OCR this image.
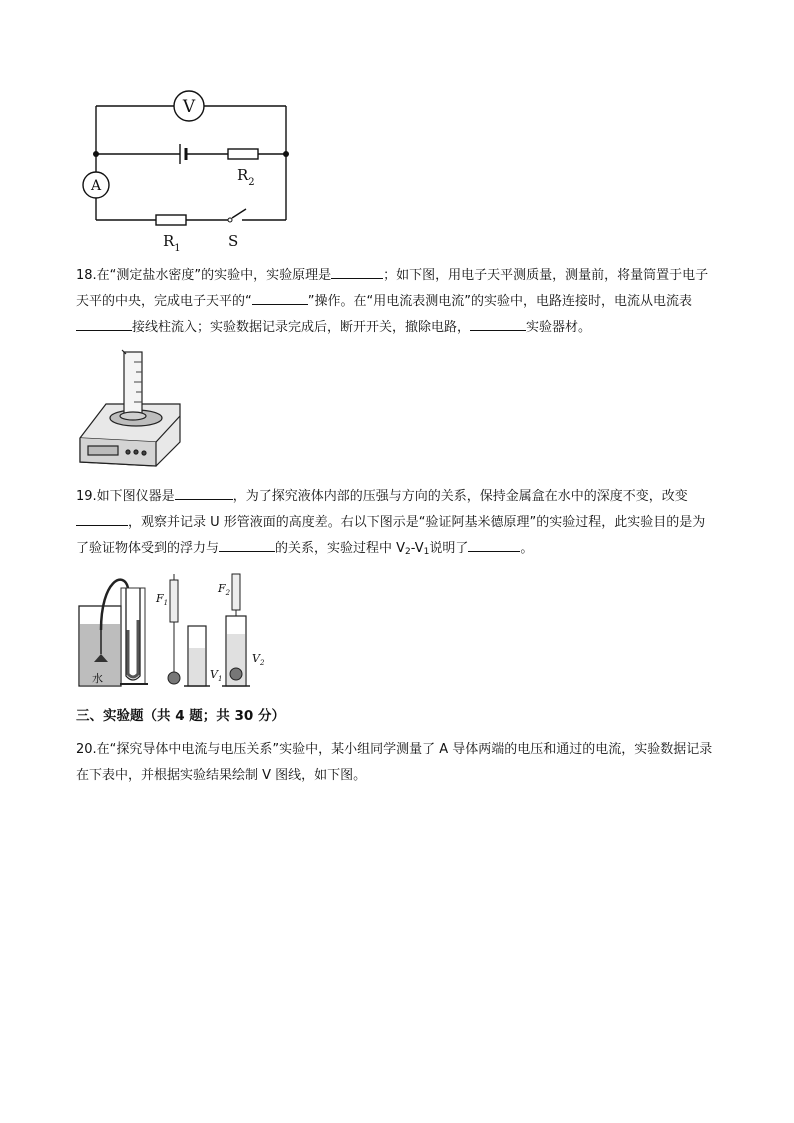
V
A
$R_2$
$R_1$	S
18.在“测定盐水密度”的实验中，实验原理是	；如下图，用电子天平测质量，测量前，将量筒置于电子天平的中央，完成电子天平的“	”操作。在“用电流表测电流”的实验中，电路连接时，电流从电流表接线柱流入；实验数据记录完成后，断开开关，撤除电路，	实验器材。
19.如下图仪器是	，为了探究液体内部的压强与方向的关系，保持金属盒在水中的深度不变，改变，观察并记录 U 形管液面的高度差。右以下图示是“验证阿基米德原理”的实验过程，此实验目的是为了验证物体受到的浮力与	的关系，实验过程中 $V_2-V_1$说明了	。
水
$F_1$
$V_1$
$F_2$
$V_2$
三、实验题（共 4 题；共 30 分）
20.在“探究导体中电流与电压关系”实验中，某小组同学测量了 A 导体两端的电压和通过的电流，实验数据记录在下表中，并根据实验结果绘制 V 图线，如下图。
